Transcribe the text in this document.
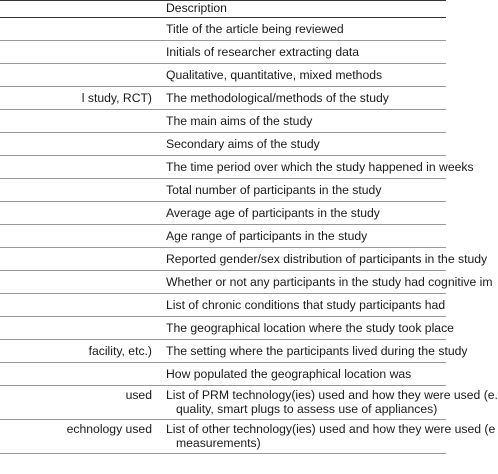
	Description

	Title of the article being reviewed

	Initials of researcher extracting data

	Qualitative, quantitative, mixed methods

l study, RCT)	The methodological/methods of the study

	The main aims of the study

	Secondary aims of the study

	The time period over which the study happened in weeks

	Total number of participants in the study

	Average age of participants in the study

	Age range of participants in the study

	Reported gender/sex distribution of participants in the study

	Whether or not any participants in the study had cognitive im

	List of chronic conditions that study participants had

	The geographical location where the study took place

facility, etc.)	The setting where the participants lived during the study

	How populated the geographical location was

used	List of PRM technology(ies) used and how they were used (e.
quality, smart plugs to assess use of appliances)

echnology used	List of other technology(ies) used and how they were used (e
measurements)
